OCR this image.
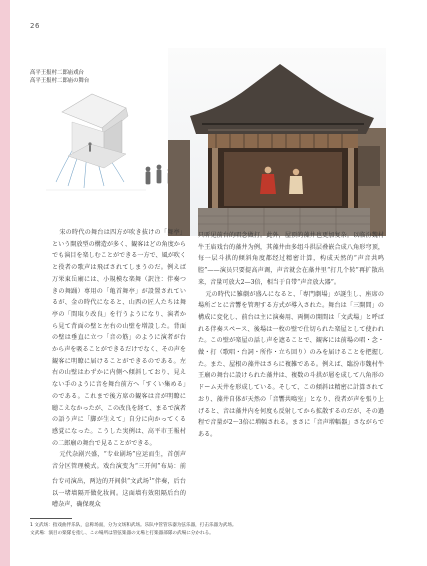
26
高平王报村二郎庙戏台
高平王报村二郎庙の舞台

宋の時代の舞台は四方が吹き抜けの「舞亭」という開放型の構造が多く、観客はどの角度からでも演目を楽しむことができる一方で、風が吹くと役者の歌声は飛ばされてしまうのだ。例えば万栄東岳廟には、小規模な楽舞（訳注：伴奏つきの舞踊）専用の「亀首舞亭」が設置されているが、金の時代になると、山西の匠人たちは舞亭の「間取り改良」を行うようになり、演者から見て背面の壁と左右の山壁を増設した。背面の壁は垂直に立つ「音の筋」のように演者が台から声を吸ることができるだけでなく、その声を観客に明瞭に届けることができるのである。左右の山壁はわずかに内側へ傾斜しており、見えない手のように音を舞台前方へ「すくい集める」のである。これまで後方席の観客は音が明瞭に聴こえなかったが、この改良を経て、まるで演者の語う声に「脚が生えて」自分に向かってくる感覚になった。こうした実例は、高平市王報村の二郎廟の舞台で見ることができる。

元代杂剧兴盛，“专业剧场”应运而生，首创声音分区管理模式。戏台演变为“三开间”布局：前台专司演出，两边的开间供“文武场$^1$”伴奏，后台以一堵墙隔开做化妆间。这面墙有效阻隔后台的嘈杂声，确保观众

只听见前台的唱念做打。此外，屋顶的藻井也更加复杂。以临汾魏村牛王庙戏台的藻井为例，其藻井由多组斗拱层叠嵌合成八角形穹顶，每一层斗拱的倾斜角度都经过精密计算，构成天然的“声音共鸣腔”——演员只要提高声调，声音就会在藻井里“打几个转”再扩散出来，音量可放大2—3倍，相当于自带“声音放大器”。

元の時代に雑劇が盛んになると、「専門劇場」が誕生し、座席の場所ごとに音響を管理する方式が導入された。舞台は「三開間」の構成に変化し、前台は主に演奏用、両側の開間は「文武場」と呼ばれる伴奏スペース、後場は一枚の壁で仕切られた楽屋として使われた。この壁が楽屋の話し声を遮ることで、観客には前場の唱・念・做・打（歌唱・台詞・所作・立ち回り）のみを届けることを把握した。また、屋根の藻井はさらに複雑である。例えば、臨汾市魏村牛王廟の舞台に設けられた藻井は、複数の斗拱が層を成して八角形のドーム天井を形成している。そして、この傾斜は精密に計算されており、藻井自体が天然の「音響共鳴室」となり、役者が声を張り上げると、音は藻井内を何度も反射してから拡散するのだが、その過程で音量が2～3倍に増幅される。まさに「音声増幅器」さながらである。

1 文武场：指戏曲伴乐队，总称场面，分为文场和武场。乐队中管管乐器为弦乐器，打击乐器为武场。
文武場：演目の楽隊を指し、この場所は管弦楽器の文場と打楽器部隊の武場に分かれる。
